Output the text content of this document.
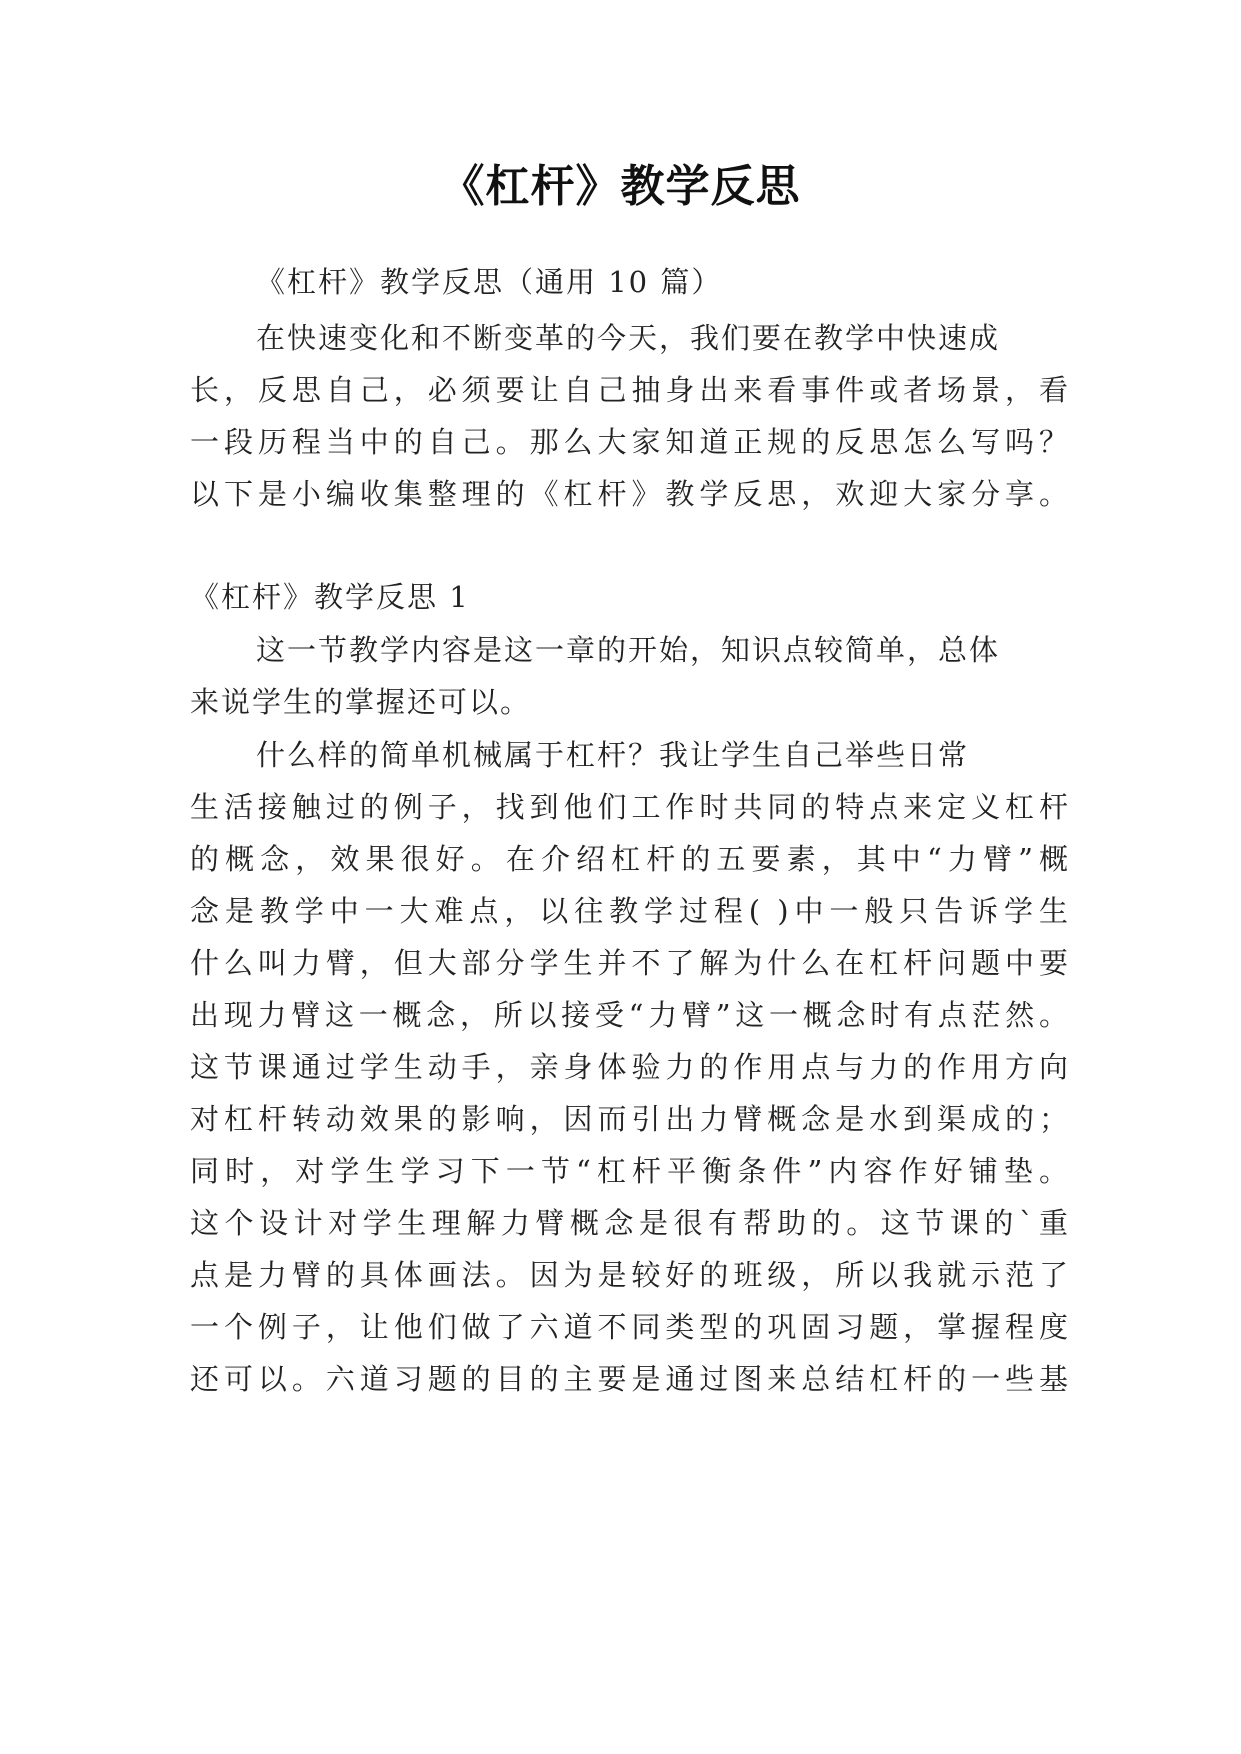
《杠杆》教学反思
《杠杆》教学反思（通用 10 篇）
在快速变化和不断变革的今天，我们要在教学中快速成
长，反思自己，必须要让自己抽身出来看事件或者场景，看
一段历程当中的自己。那么大家知道正规的反思怎么写吗？
以下是小编收集整理的《杠杆》教学反思，欢迎大家分享。
《杠杆》教学反思 1
这一节教学内容是这一章的开始，知识点较简单，总体
来说学生的掌握还可以。
什么样的简单机械属于杠杆？我让学生自己举些日常
生活接触过的例子，找到他们工作时共同的特点来定义杠杆
的概念，效果很好。在介绍杠杆的五要素，其中“力臂”概
念是教学中一大难点，以往教学过程( )中一般只告诉学生
什么叫力臂，但大部分学生并不了解为什么在杠杆问题中要
出现力臂这一概念，所以接受“力臂”这一概念时有点茫然。
这节课通过学生动手，亲身体验力的作用点与力的作用方向
对杠杆转动效果的影响，因而引出力臂概念是水到渠成的；
同时，对学生学习下一节“杠杆平衡条件”内容作好铺垫。
这个设计对学生理解力臂概念是很有帮助的。这节课的`重
点是力臂的具体画法。因为是较好的班级，所以我就示范了
一个例子，让他们做了六道不同类型的巩固习题，掌握程度
还可以。六道习题的目的主要是通过图来总结杠杆的一些基
